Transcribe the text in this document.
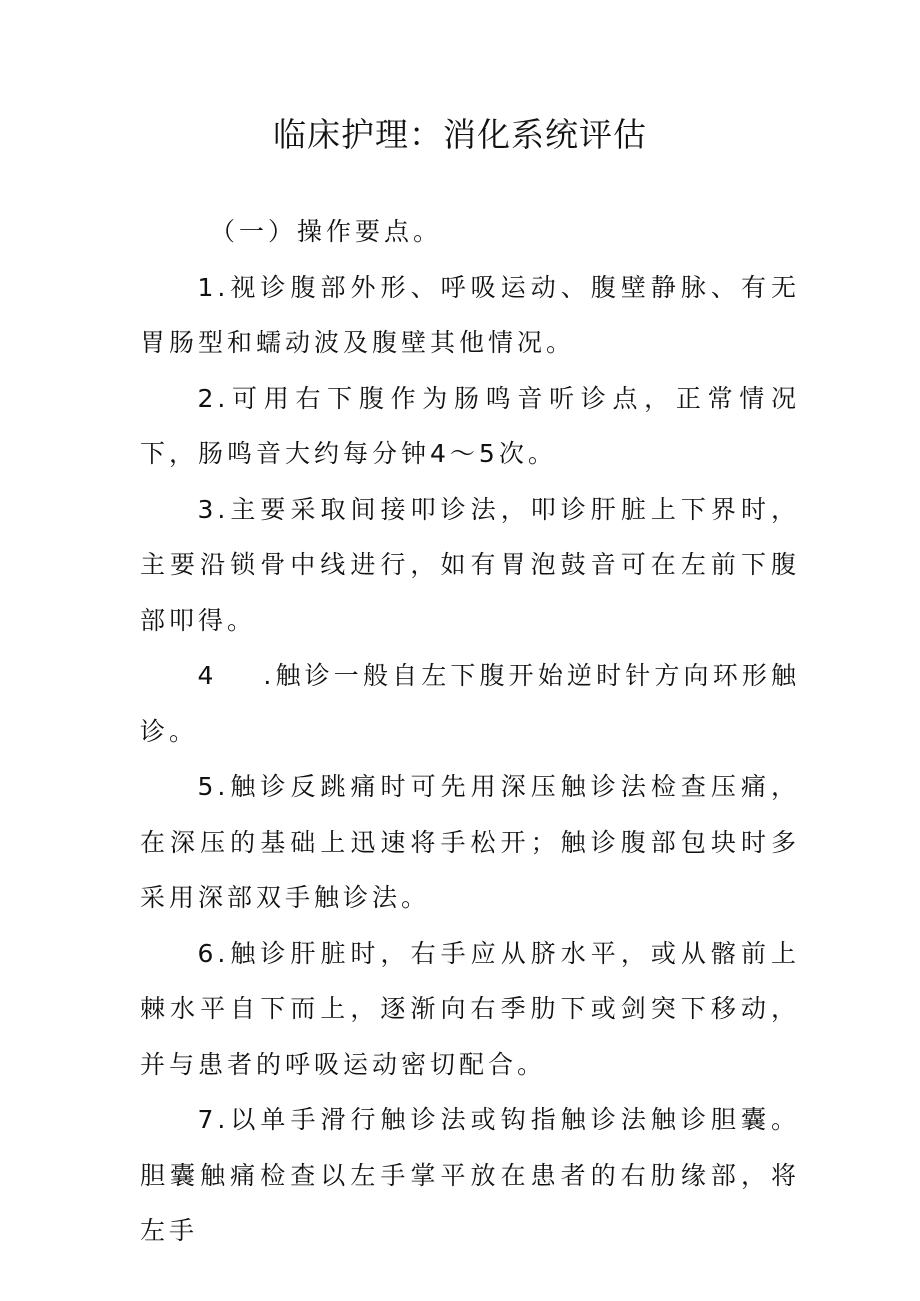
临床护理：消化系统评估

（一）操作要点。

1.视诊腹部外形、呼吸运动、腹壁静脉、有无胃肠型和蠕动波及腹壁其他情况。

2.可用右下腹作为肠鸣音听诊点，正常情况下，肠鸣音大约每分钟4〜5次。

3.主要采取间接叩诊法，叩诊肝脏上下界时，主要沿锁骨中线进行，如有胃泡鼓音可在左前下腹部叩得。

4 .触诊一般自左下腹开始逆时针方向环形触诊。

5.触诊反跳痛时可先用深压触诊法检查压痛，在深压的基础上迅速将手松开；触诊腹部包块时多采用深部双手触诊法。

6.触诊肝脏时，右手应从脐水平，或从髂前上棘水平自下而上，逐渐向右季肋下或剑突下移动，并与患者的呼吸运动密切配合。

7.以单手滑行触诊法或钩指触诊法触诊胆囊。胆囊触痛检查以左手掌平放在患者的右肋缘部，将左手
